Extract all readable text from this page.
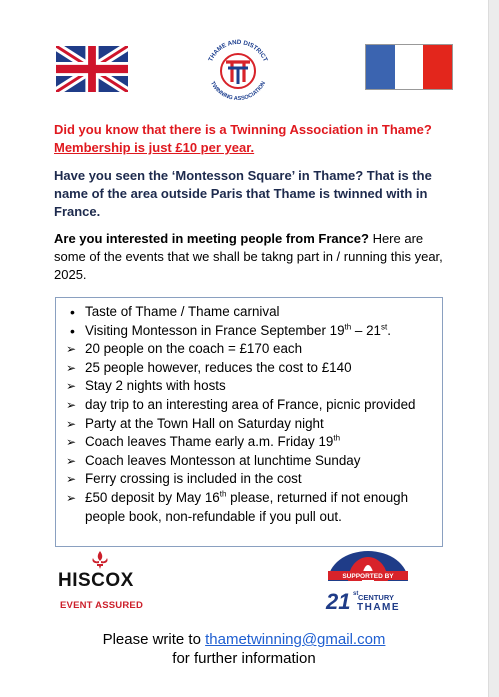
THAME AND DISTRICT
TWINNING ASSOCIATION
Did you know that there is a Twinning Association in Thame? Membership is just £10 per year.
Have you seen the ‘Montesson Square’ in Thame? That is the name of the area outside Paris that Thame is twinned with in France.
Are you interested in meeting people from France? Here are some of the events that we shall be takng part in / running this year, 2025.
• Taste of Thame / Thame carnival
• Visiting Montesson in France September 19th – 21st.
➢ 20 people on the coach = £170 each
➢ 25 people however, reduces the cost to £140
➢ Stay 2 nights with hosts
➢ day trip to an interesting area of France, picnic provided
➢ Party at the Town Hall on Saturday night
➢ Coach leaves Thame early a.m. Friday 19th
➢ Coach leaves Montesson at lunchtime Sunday
➢ Ferry crossing is included in the cost
➢ £50 deposit by May 16th please, returned if not enough people book, non-refundable if you pull out.
HISCOX
EVENT ASSURED
SUPPORTED BY
21 st CENTURY
THAME
Please write to thametwinning@gmail.com
for further information
